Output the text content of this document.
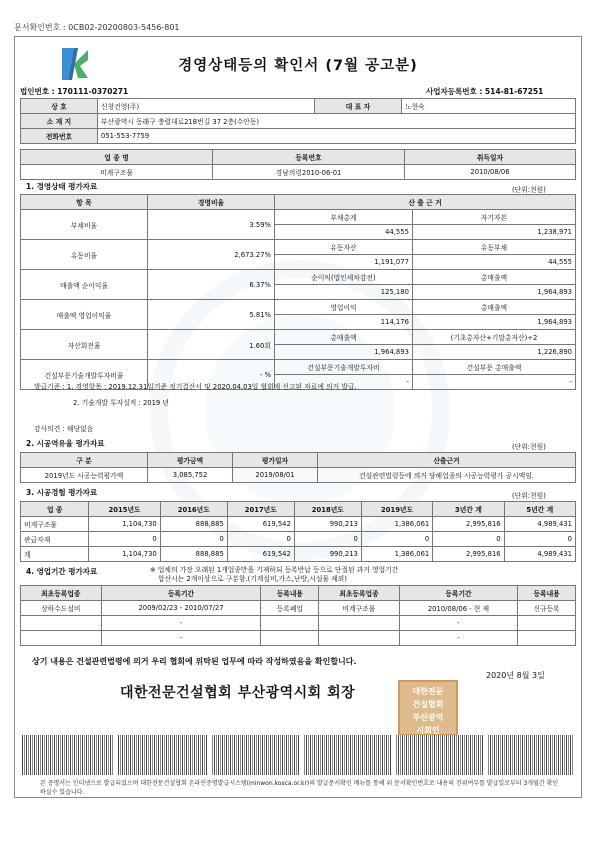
문서확인번호 : 0CB02-20200803-5456-801
경영상태등의 확인서 (7월 공고분)
법인번호 : 170111-0370271	사업자등록번호 : 514-81-67251
상 호	신창건영(주)	대 표 자	노현숙
소 재 지	부산광역시 동래구 충렬대로218번길 37 2층(수안동)		
전화번호	051-553-7759		
업 종 명	등록번호	취득일자
비계구조물	경남의령2010-06-01	2010/08/06
1. 경영상태 평가자료	(단위:천원)
항 목	경영비율	산 출 근 거
부채비율	3.59%	부채총계	자기자본
		44,555	1,238,971
유동비율	2,673.27%	유동자산	유동부채
		1,191,077	44,555
매출액 순이익율	6.37%	순이익(법인세차감전)	총매출액
		125,180	1,964,893
매출액 영업이익율	5.81%	영업이익	총매출액
		114,176	1,964,893
자산회전율	1.60회	총매출액	(기초총자산+기말총자산)÷2
		1,964,893	1,226,890
건설부문기술개발투자비율	- %	건설부문기술개발투자비	건설부문 총매출액
		-	-
발급기준 : 1. 경영항목 : 2019.12.31일기준 정기결산서 및 2020.04.03일 협회에 신고된 자료에 의거 발급.
2. 기술개발 투자실적 : 2019 년
감사의견 : 해당없음
2. 시공역유율 평가자료	(단위:천원)
구 분	평가금액	평가일자	산출근거
2019년도 시공능력평가액	3,085,752	2019/08/01	건설관련법령등에 의거 당해업종의 시공능력평가 공시액임.
3. 시공경험 평가자료	(단위:천원)
업 종	2015년도	2016년도	2017년도	2018년도	2019년도	3년간 계	5년간 계
비계구조물	1,104,730	888,885	619,542	990,213	1,386,061	2,995,816	4,989,431
관급자재	0	0	0	0	0	0	0
계	1,104,730	888,885	619,542	990,213	1,386,061	2,995,816	4,989,431
4. 영업기간 평가자료	※ 업체의 가장 오래된 1개업종만을 기재하되 등록반납 등으로 단절된 과거 영업기간
합산시는 2개이상으로 구분함.(기계설비,가스,난방,시설물 제외)
최초등록업종	등록기간	등록내용	최초등록업종	등록기간	등록내용
상하수도설비	2009/02/23 - 2010/07/27	등록폐업	비계구조물	2010/08/06 - 현 재	신규등록
	-			-	
	-			-	
상기 내용은 건설관련법령에 의거 우리 협회에 위탁된 업무에 따라 작성하였음을 확인합니다.
2020년 8월 3일
대한전문건설협회 부산광역시회 회장	대한전문
건설협회
부산광역
시회인
본 증명서는 인터넷으로 발급되었으며 대한전문건설협회 온라인증명발급시스템(minwon.kosca.or.kr)의 발급문서확인 메뉴를 통해 위 문서확인번호로 내용의 진위여부를 발급일로부터 3개월간 확인하실수 있습니다.
